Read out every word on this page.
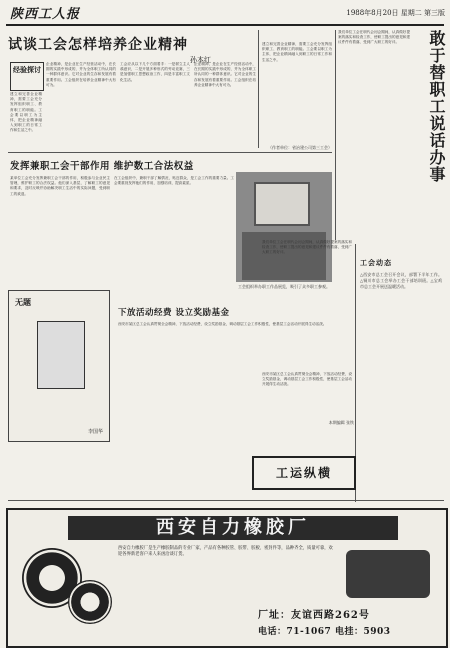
陕西工人报	1988年8月20日 星期二 第三版
试谈工会怎样培养企业精神
孙本红
经验探讨
企业精神，是企业在生产经营活动中，在长期的实践中形成的，并为全体职工所认同的一种群体意识。它对企业的生存和发展有着重要作用。工会组织在培养企业精神中大有可为。
建立和完善企业精神，需要工会充分发挥组织职工、教育职工的职能。工会要以职工为主体，把企业精神融入到职工的日常工作和生活之中。
工会应从以下几个方面着手：一是树立主人翁意识，二是开展多种形式的劳动竞赛，三是加强职工思想政治工作，四是丰富职工文化生活。
企业精神，是企业在生产经营活动中，在长期的实践中形成的，并为全体职工所认同的一种群体意识。它对企业的生存和发展有着重要作用。工会组织在培养企业精神中大有可为。
建立和完善企业精神，需要工会充分发挥组织职工、教育职工的职能。工会要以职工为主体，把企业精神融入到职工的日常工作和生活之中。
（作者单位：省冶建公司第三工会）
我们单位工会在职代会闭会期间，认真做好提案的落实和检查工作，使职工提出的意见和建议件件有着落，受到广大职工的好评。	敢于替职工说话办事
发挥兼职工会干部作用 维护数工合法权益
某单位工会充分发挥兼职工会干部的作用，积极参与企业民主管理，维护职工的合法权益。他们深入基层，了解职工的意见和要求，及时反映并协助解决职工生活中的实际问题，受到职工的欢迎。
在工会组织中，兼职干部了解情况，贴近群众，是工会工作的重要力量。工会要重视发挥他们的作用，加强培训，提高素质。
工会组织举办职工作品展览，吸引了众多职工参观。
无题
李国华
下放活动经费 设立奖励基金
西安市某区总工会认真贯彻全会精神，下放活动经费，设立奖励基金，调动基层工会工作积极性，使基层工会活动开展得生动活泼。
我们单位工会在职代会闭会期间，认真做好提案的落实和检查工作，使职工提出的意见和建议件件有着落，受到广大职工的好评。
工会动态
△西安市总工会召开会议，部署下半年工作。△铜川市总工会举办工会干部培训班。△宝鸡市总工会开展送温暖活动。
工运纵横
西安市某区总工会认真贯彻全会精神，下放活动经费，设立奖励基金，调动基层工会工作积极性，使基层工会活动开展得生动活泼。
本期编辑 张铁
西安自力橡胶厂
西安自力橡胶厂是生产橡胶制品的专业厂家，产品有各种胶管、胶带、胶板、密封件等，品种齐全，质量可靠，欢迎各界新老客户来人来函洽谈订货。
厂址：友谊西路262号
电话：71-1067 电挂：5903
